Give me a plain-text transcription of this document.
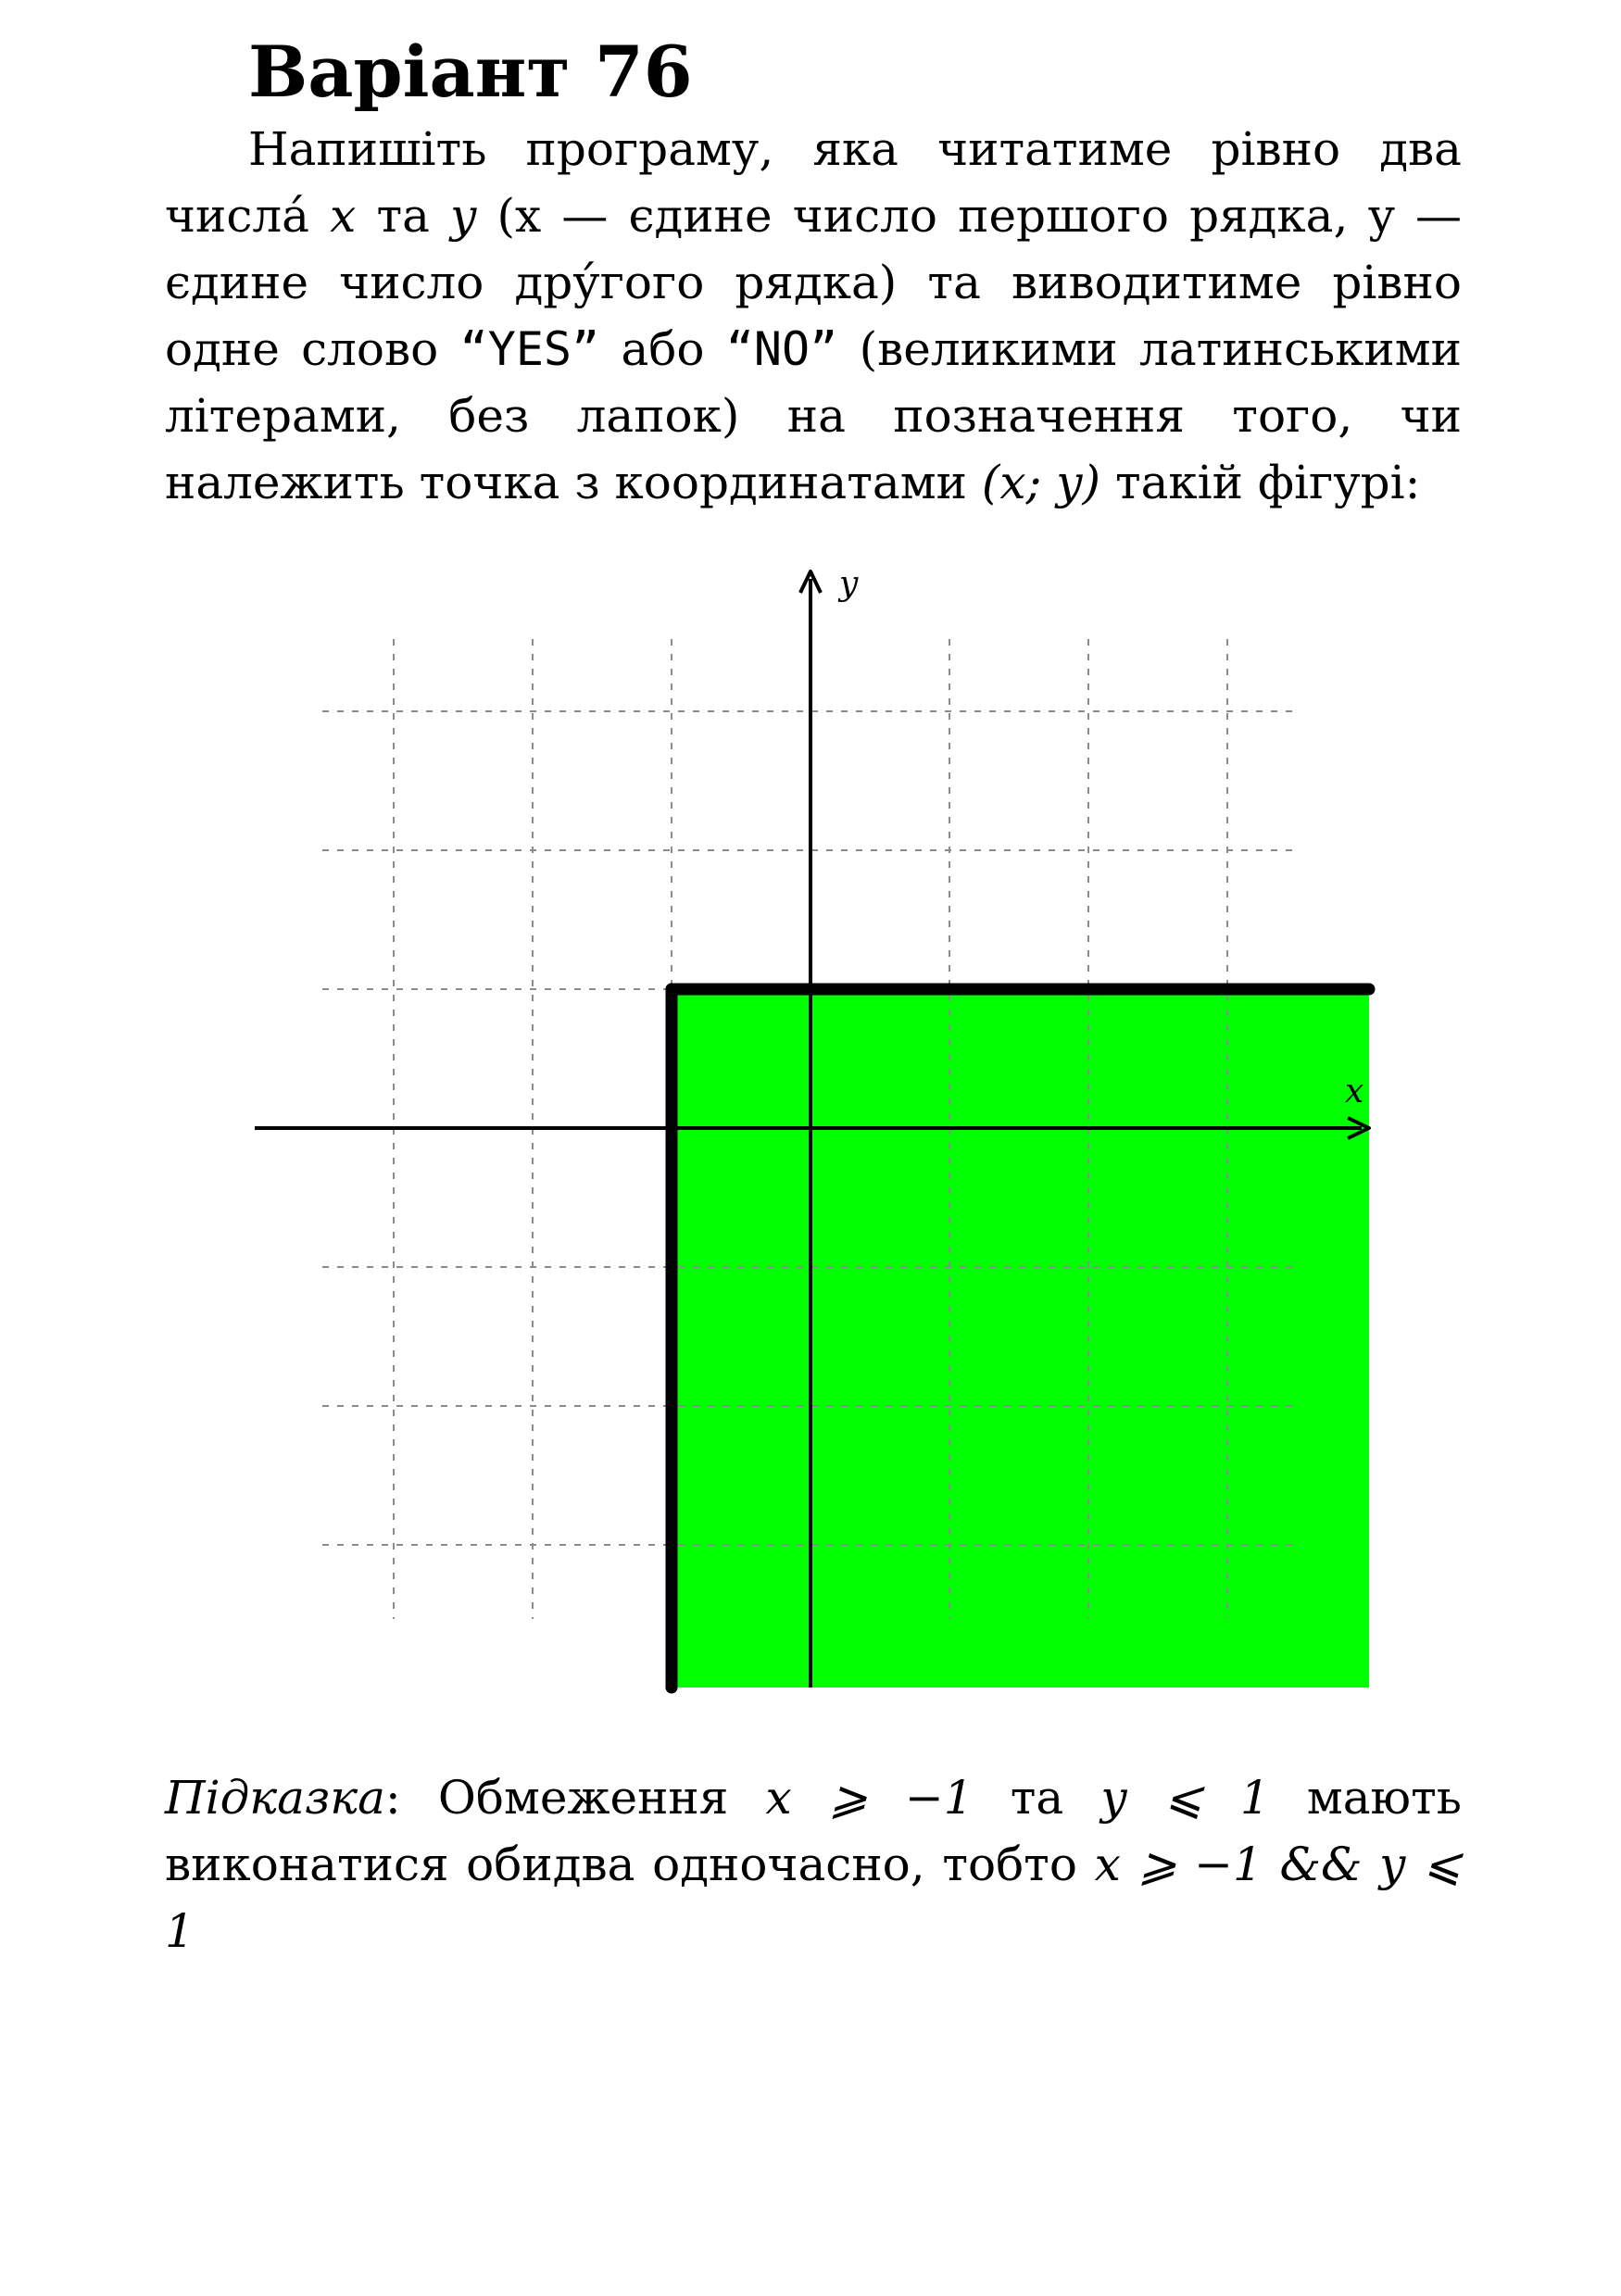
Варіант 76
Напишіть програму, яка читатиме рівно два числа́ x та y (x — єдине число першого рядка, y — єдине число дру́гого рядка) та виводитиме рівно одне слово “YES” або “NO” (великими латинськими літерами, без лапок) на позначення того, чи належить точка з координатами (x; y) такій фігурі:
x
y
Підказка: Обмеження x ⩾ −1 та y ⩽ 1 мають виконатися обидва одночасно, тобто x ⩾ −1 && y ⩽ 1
